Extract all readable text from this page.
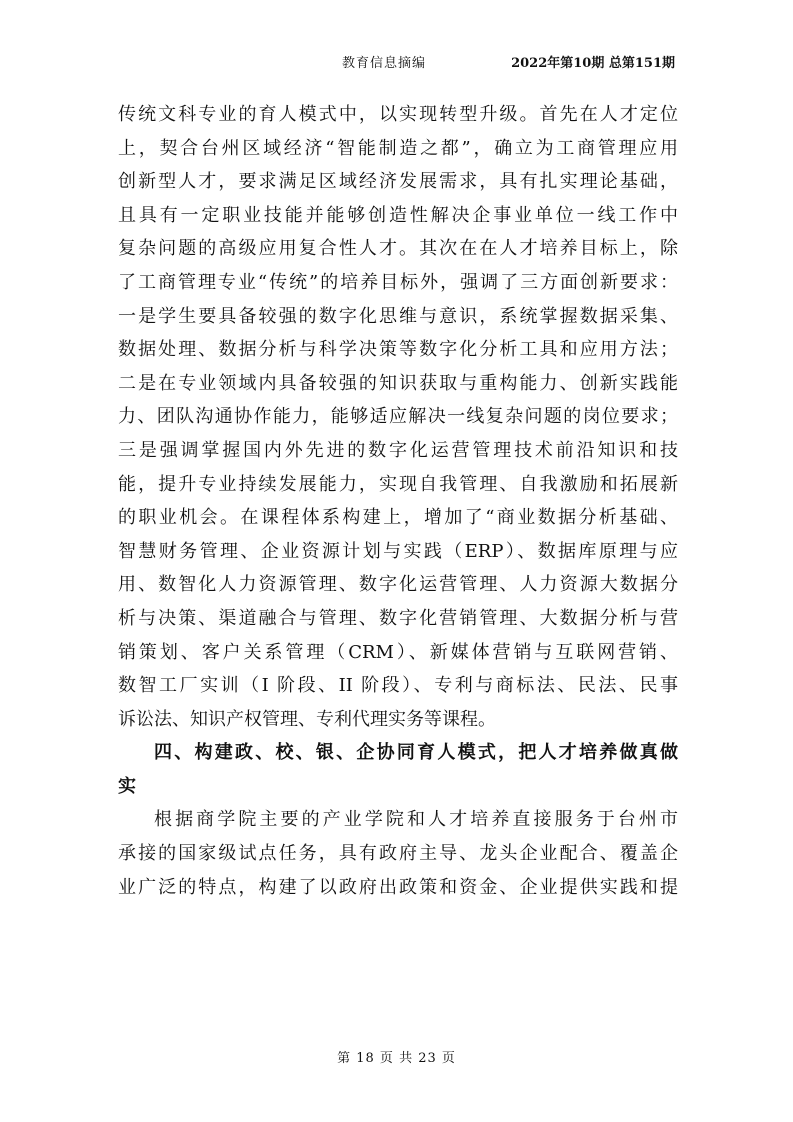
教育信息摘编	2022年第10期 总第151期
传统文科专业的育人模式中，以实现转型升级。首先在人才定位
上，契合台州区域经济“智能制造之都”，确立为工商管理应用
创新型人才，要求满足区域经济发展需求，具有扎实理论基础，
且具有一定职业技能并能够创造性解决企事业单位一线工作中
复杂问题的高级应用复合性人才。其次在在人才培养目标上，除
了工商管理专业“传统”的培养目标外，强调了三方面创新要求：
一是学生要具备较强的数字化思维与意识，系统掌握数据采集、
数据处理、数据分析与科学决策等数字化分析工具和应用方法；
二是在专业领域内具备较强的知识获取与重构能力、创新实践能
力、团队沟通协作能力，能够适应解决一线复杂问题的岗位要求；
三是强调掌握国内外先进的数字化运营管理技术前沿知识和技
能，提升专业持续发展能力，实现自我管理、自我激励和拓展新
的职业机会。在课程体系构建上，增加了“商业数据分析基础、
智慧财务管理、企业资源计划与实践（ERP）、数据库原理与应
用、数智化人力资源管理、数字化运营管理、人力资源大数据分
析与决策、渠道融合与管理、数字化营销管理、大数据分析与营
销策划、客户关系管理（CRM）、新媒体营销与互联网营销、
数智工厂实训（I 阶段、II 阶段）、专利与商标法、民法、民事
诉讼法、知识产权管理、专利代理实务等课程。
四、构建政、校、银、企协同育人模式，把人才培养做真做
实
根据商学院主要的产业学院和人才培养直接服务于台州市
承接的国家级试点任务，具有政府主导、龙头企业配合、覆盖企
业广泛的特点，构建了以政府出政策和资金、企业提供实践和提
第 18 页 共 23 页
